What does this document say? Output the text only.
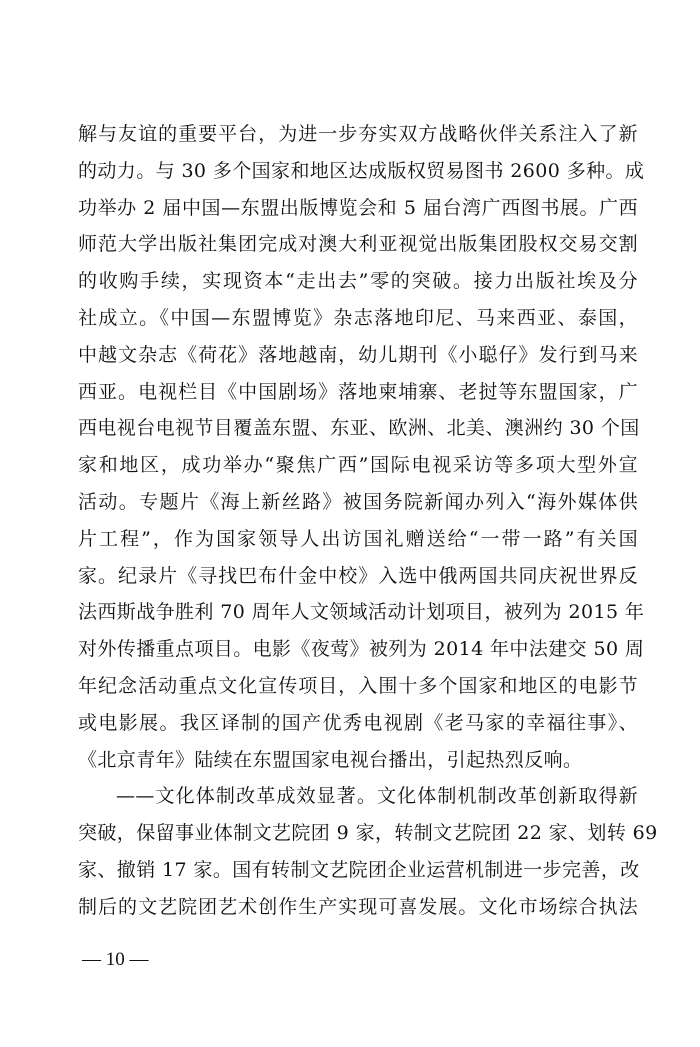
解与友谊的重要平台，为进一步夯实双方战略伙伴关系注入了新
的动力。与 30 多个国家和地区达成版权贸易图书 2600 多种。成
功举办 2 届中国—东盟出版博览会和 5 届台湾广西图书展。广西
师范大学出版社集团完成对澳大利亚视觉出版集团股权交易交割
的收购手续，实现资本“走出去”零的突破。接力出版社埃及分
社成立。《中国—东盟博览》杂志落地印尼、马来西亚、泰国，
中越文杂志《荷花》落地越南，幼儿期刊《小聪仔》发行到马来
西亚。电视栏目《中国剧场》落地柬埔寨、老挝等东盟国家，广
西电视台电视节目覆盖东盟、东亚、欧洲、北美、澳洲约 30 个国
家和地区，成功举办“聚焦广西”国际电视采访等多项大型外宣
活动。专题片《海上新丝路》被国务院新闻办列入“海外媒体供
片工程”，作为国家领导人出访国礼赠送给“一带一路”有关国
家。纪录片《寻找巴布什金中校》入选中俄两国共同庆祝世界反
法西斯战争胜利 70 周年人文领域活动计划项目，被列为 2015 年
对外传播重点项目。电影《夜莺》被列为 2014 年中法建交 50 周
年纪念活动重点文化宣传项目，入围十多个国家和地区的电影节
或电影展。我区译制的国产优秀电视剧《老马家的幸福往事》、
《北京青年》陆续在东盟国家电视台播出，引起热烈反响。
——文化体制改革成效显著。文化体制机制改革创新取得新
突破，保留事业体制文艺院团 9 家，转制文艺院团 22 家、划转 69
家、撤销 17 家。国有转制文艺院团企业运营机制进一步完善，改
制后的文艺院团艺术创作生产实现可喜发展。文化市场综合执法
— 10 —
